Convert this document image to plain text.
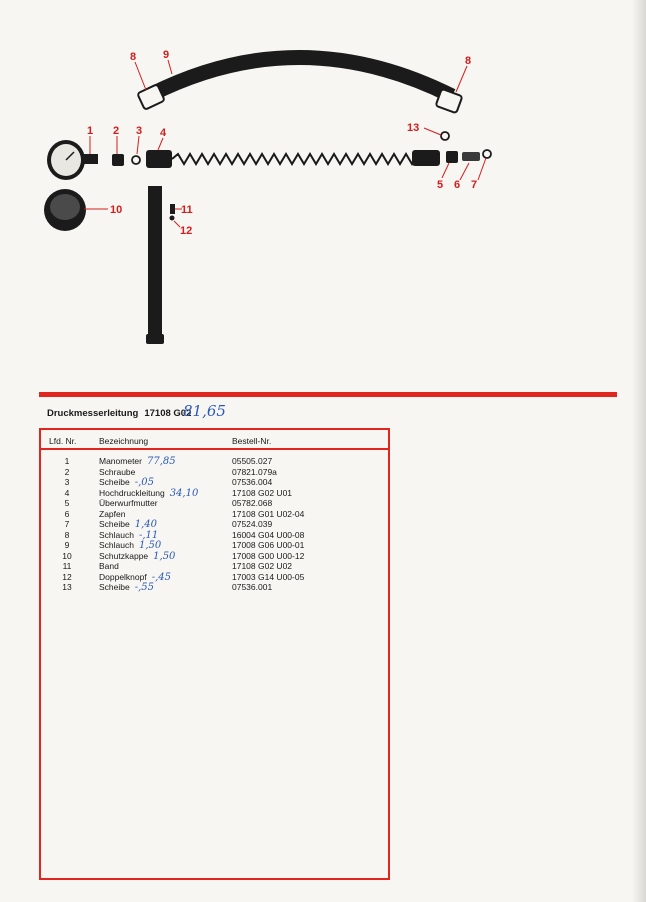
8 9	8
1 2 3 4	13
5 6 7
10	11
12
Druckmesserleitung 17108 G02
81,65
Lfd. Nr.	Bezeichnung	Bestell-Nr.
1	Manometer 77,85	05505.027
2	Schraube	07821.079a
3	Scheibe -,05	07536.004
4	Hochdruckleitung 34,10	17108 G02 U01
5	Überwurfmutter	05782.068
6	Zapfen	17108 G01 U02-04
7	Scheibe 1,40	07524.039
8	Schlauch -,11	16004 G04 U00-08
9	Schlauch 1,50	17008 G06 U00-01
10	Schutzkappe 1,50	17008 G00 U00-12
11	Band	17108 G02 U02
12	Doppelknopf -,45	17003 G14 U00-05
13	Scheibe -,55	07536.001
